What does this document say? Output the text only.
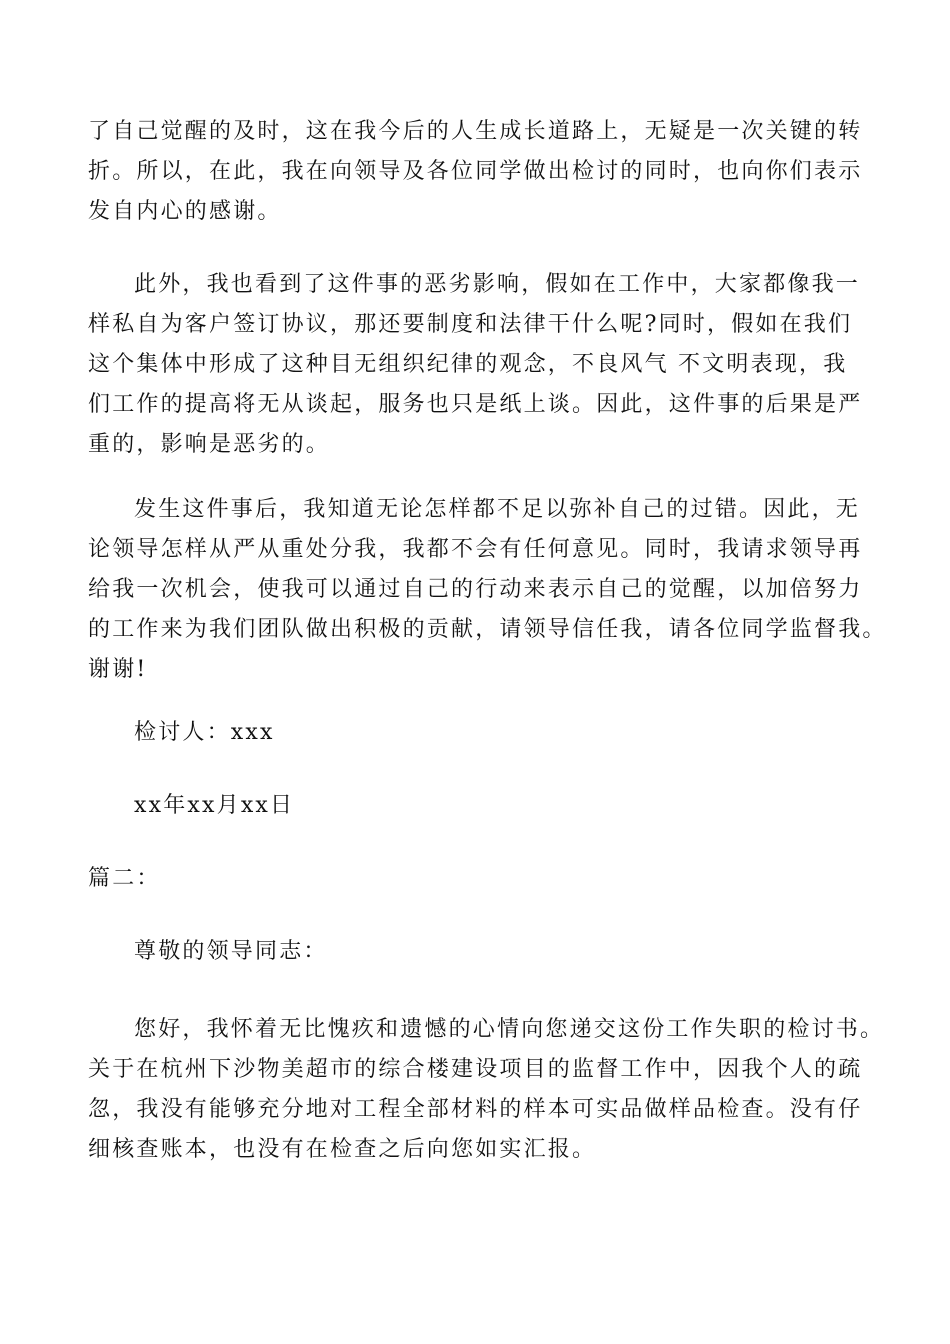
了自己觉醒的及时，这在我今后的人生成长道路上，无疑是一次关键的转
折。所以，在此，我在向领导及各位同学做出检讨的同时，也向你们表示
发自内心的感谢。
此外，我也看到了这件事的恶劣影响，假如在工作中，大家都像我一
样私自为客户签订协议，那还要制度和法律干什么呢?同时，假如在我们
这个集体中形成了这种目无组织纪律的观念，不良风气 不文明表现，我
们工作的提高将无从谈起，服务也只是纸上谈。因此，这件事的后果是严
重的，影响是恶劣的。
发生这件事后，我知道无论怎样都不足以弥补自己的过错。因此，无
论领导怎样从严从重处分我，我都不会有任何意见。同时，我请求领导再
给我一次机会，使我可以通过自己的行动来表示自己的觉醒，以加倍努力
的工作来为我们团队做出积极的贡献，请领导信任我，请各位同学监督我。
谢谢!
检讨人：xxx
xx年xx月xx日
篇二：
尊敬的领导同志：
您好，我怀着无比愧疚和遗憾的心情向您递交这份工作失职的检讨书。
关于在杭州下沙物美超市的综合楼建设项目的监督工作中，因我个人的疏
忽，我没有能够充分地对工程全部材料的样本可实品做样品检查。没有仔
细核查账本，也没有在检查之后向您如实汇报。
